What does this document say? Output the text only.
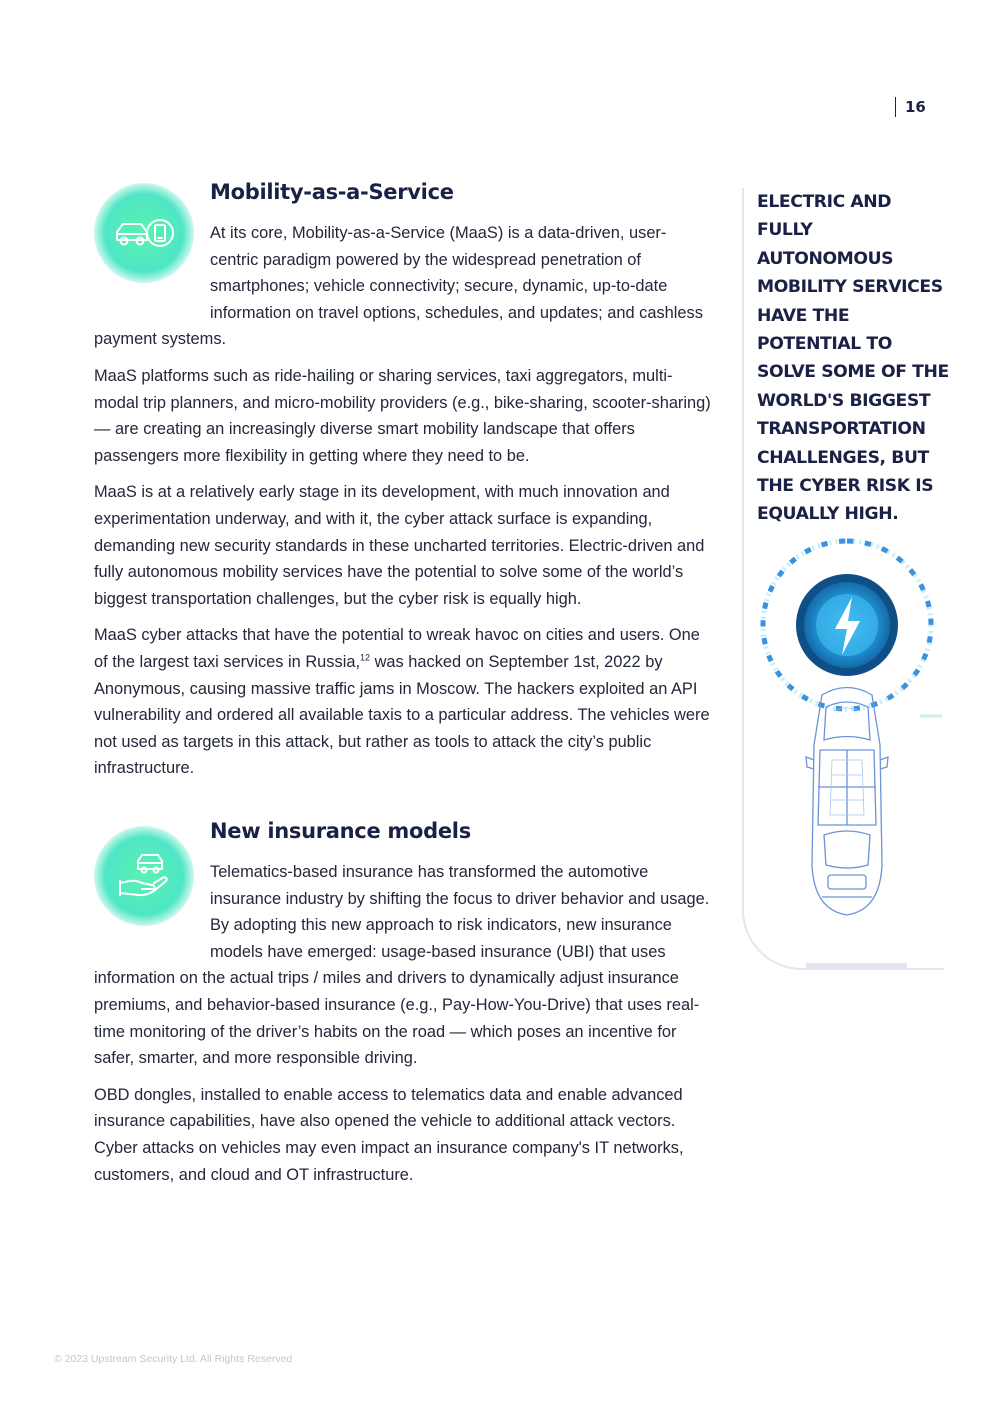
16
Mobility-as-a-Service

At its core, Mobility-as-a-Service (MaaS) is a data-driven, user-centric paradigm powered by the widespread penetration of smartphones; vehicle connectivity; secure, dynamic, up-to-date information on travel options, schedules, and updates; and cashless payment systems.

MaaS platforms such as ride-hailing or sharing services, taxi aggregators, multi-modal trip planners, and micro-mobility providers (e.g., bike-sharing, scooter-sharing) — are creating an increasingly diverse smart mobility landscape that offers passengers more flexibility in getting where they need to be.

MaaS is at a relatively early stage in its development, with much innovation and experimentation underway, and with it, the cyber attack surface is expanding, demanding new security standards in these uncharted territories. Electric-driven and fully autonomous mobility services have the potential to solve some of the world’s biggest transportation challenges, but the cyber risk is equally high.

MaaS cyber attacks that have the potential to wreak havoc on cities and users. One of the largest taxi services in Russia,$^{12}$ was hacked on September 1st, 2022 by Anonymous, causing massive traffic jams in Moscow. The hackers exploited an API vulnerability and ordered all available taxis to a particular address. The vehicles were not used as targets in this attack, but rather as tools to attack the city’s public infrastructure.

New insurance models

Telematics-based insurance has transformed the automotive insurance industry by shifting the focus to driver behavior and usage. By adopting this new approach to risk indicators, new insurance models have emerged: usage-based insurance (UBI) that uses information on the actual trips / miles and drivers to dynamically adjust insurance premiums, and behavior-based insurance (e.g., Pay-How-You-Drive) that uses real-time monitoring of the driver’s habits on the road — which poses an incentive for safer, smarter, and more responsible driving.

OBD dongles, installed to enable access to telematics data and enable advanced insurance capabilities, have also opened the vehicle to additional attack vectors. Cyber attacks on vehicles may even impact an insurance company's IT networks, customers, and cloud and OT infrastructure.

ELECTRIC AND FULLY AUTONOMOUS MOBILITY SERVICES HAVE THE POTENTIAL TO SOLVE SOME OF THE WORLD'S BIGGEST TRANSPORTATION CHALLENGES, BUT THE CYBER RISK IS EQUALLY HIGH.

© 2023 Upstream Security Ltd. All Rights Reserved
